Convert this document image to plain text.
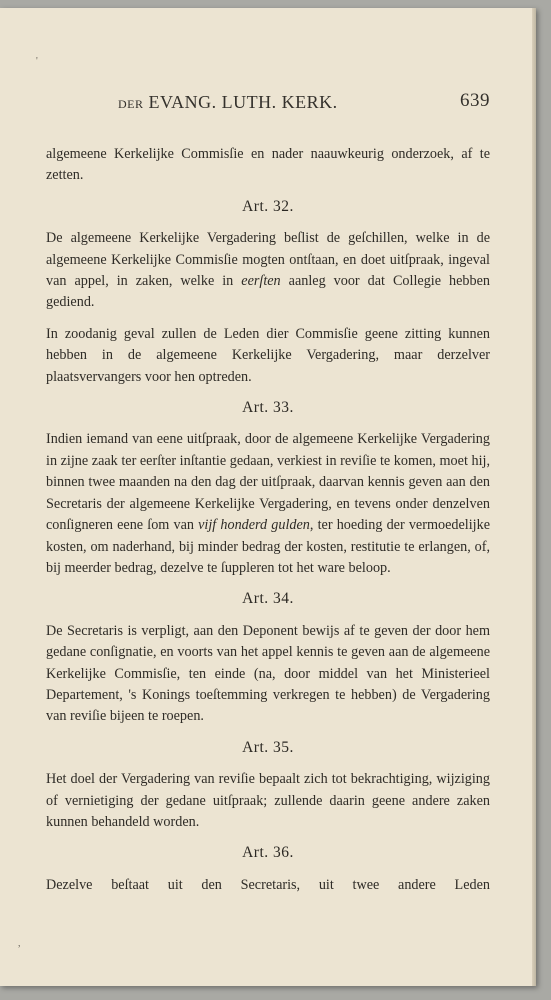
DER EVANG. LUTH. KERK.	639
'

algemeene Kerkelijke Commisſie en nader naauwkeurig onderzoek, af te zetten.

Art. 32.

De algemeene Kerkelijke Vergadering beſlist de geſchillen, welke in de algemeene Kerkelijke Commisſie mogten ontſtaan, en doet uitſpraak, ingeval van appel, in zaken, welke in eerſten aanleg voor dat Collegie hebben gediend.

In zoodanig geval zullen de Leden dier Commisſie geene zitting kunnen hebben in de algemeene Kerkelijke Vergadering, maar derzelver plaatsvervangers voor hen optreden.

Art. 33.

Indien iemand van eene uitſpraak, door de algemeene Kerkelijke Vergadering in zijne zaak ter eerſter inſtantie gedaan, verkiest in reviſie te komen, moet hij, binnen twee maanden na den dag der uitſpraak, daarvan kennis geven aan den Secretaris der algemeene Kerkelijke Vergadering, en tevens onder denzelven conſigneren eene ſom van vijf honderd gulden, ter hoeding der vermoedelijke kosten, om naderhand, bij minder bedrag der kosten, restitutie te erlangen, of, bij meerder bedrag, dezelve te ſuppleren tot het ware beloop.

Art. 34.

De Secretaris is verpligt, aan den Deponent bewijs af te geven der door hem gedane conſignatie, en voorts van het appel kennis te geven aan de algemeene Kerkelijke Commisſie, ten einde (na, door middel van het Ministerieel Departement, 's Konings toeſtemming verkregen te hebben) de Vergadering van reviſie bijeen te roepen.

Art. 35.

Het doel der Vergadering van reviſie bepaalt zich tot bekrachtiging, wijziging of vernietiging der gedane uitſpraak; zullende daarin geene andere zaken kunnen behandeld worden.

Art. 36.

Dezelve beſtaat uit den Secretaris, uit twee andere Leden

,
